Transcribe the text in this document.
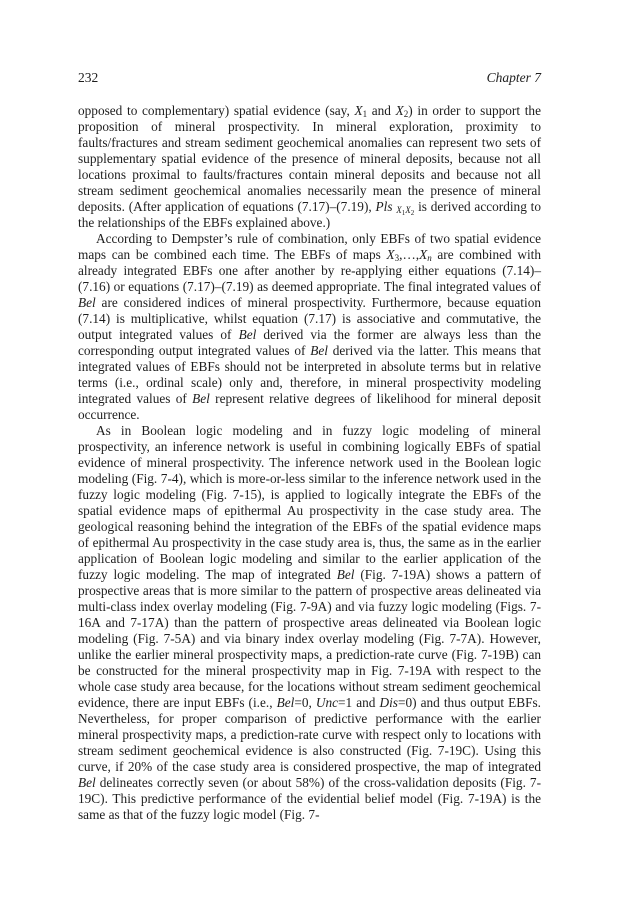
232	Chapter 7

opposed to complementary) spatial evidence (say, X1 and X2) in order to support the proposition of mineral prospectivity. In mineral exploration, proximity to faults/fractures and stream sediment geochemical anomalies can represent two sets of supplementary spatial evidence of the presence of mineral deposits, because not all locations proximal to faults/fractures contain mineral deposits and because not all stream sediment geochemical anomalies necessarily mean the presence of mineral deposits. (After application of equations (7.17)–(7.19), Pls $X_1X_2$ is derived according to the relationships of the EBFs explained above.)

According to Dempster’s rule of combination, only EBFs of two spatial evidence maps can be combined each time. The EBFs of maps X3,…,Xn are combined with already integrated EBFs one after another by re-applying either equations (7.14)–(7.16) or equations (7.17)–(7.19) as deemed appropriate. The final integrated values of Bel are considered indices of mineral prospectivity. Furthermore, because equation (7.14) is multiplicative, whilst equation (7.17) is associative and commutative, the output integrated values of Bel derived via the former are always less than the corresponding output integrated values of Bel derived via the latter. This means that integrated values of EBFs should not be interpreted in absolute terms but in relative terms (i.e., ordinal scale) only and, therefore, in mineral prospectivity modeling integrated values of Bel represent relative degrees of likelihood for mineral deposit occurrence.

As in Boolean logic modeling and in fuzzy logic modeling of mineral prospectivity, an inference network is useful in combining logically EBFs of spatial evidence of mineral prospectivity. The inference network used in the Boolean logic modeling (Fig. 7-4), which is more-or-less similar to the inference network used in the fuzzy logic modeling (Fig. 7-15), is applied to logically integrate the EBFs of the spatial evidence maps of epithermal Au prospectivity in the case study area. The geological reasoning behind the integration of the EBFs of the spatial evidence maps of epithermal Au prospectivity in the case study area is, thus, the same as in the earlier application of Boolean logic modeling and similar to the earlier application of the fuzzy logic modeling. The map of integrated Bel (Fig. 7-19A) shows a pattern of prospective areas that is more similar to the pattern of prospective areas delineated via multi-class index overlay modeling (Fig. 7-9A) and via fuzzy logic modeling (Figs. 7-16A and 7-17A) than the pattern of prospective areas delineated via Boolean logic modeling (Fig. 7-5A) and via binary index overlay modeling (Fig. 7-7A). However, unlike the earlier mineral prospectivity maps, a prediction-rate curve (Fig. 7-19B) can be constructed for the mineral prospectivity map in Fig. 7-19A with respect to the whole case study area because, for the locations without stream sediment geochemical evidence, there are input EBFs (i.e., Bel=0, Unc=1 and Dis=0) and thus output EBFs. Nevertheless, for proper comparison of predictive performance with the earlier mineral prospectivity maps, a prediction-rate curve with respect only to locations with stream sediment geochemical evidence is also constructed (Fig. 7-19C). Using this curve, if 20% of the case study area is considered prospective, the map of integrated Bel delineates correctly seven (or about 58%) of the cross-validation deposits (Fig. 7-19C). This predictive performance of the evidential belief model (Fig. 7-19A) is the same as that of the fuzzy logic model (Fig. 7-
